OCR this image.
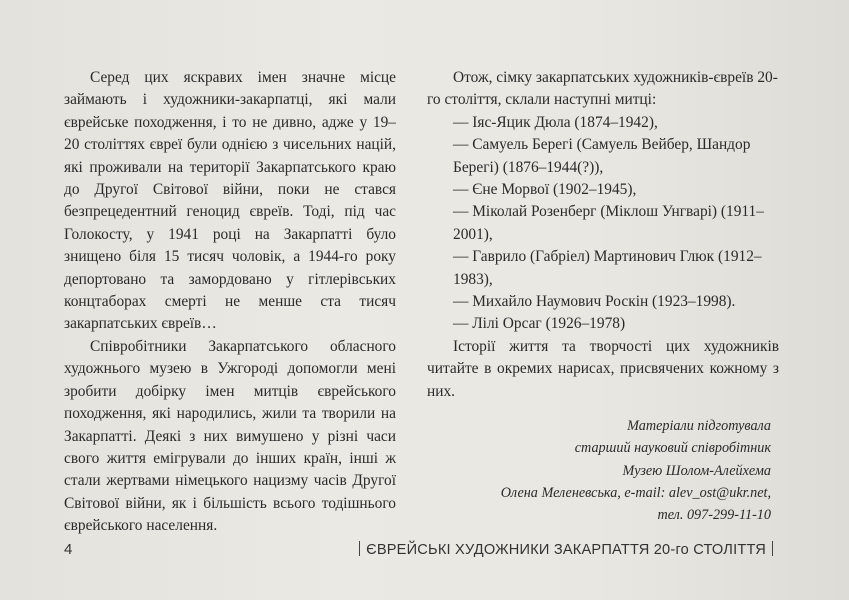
Серед цих яскравих імен значне місце займають і художники-закарпатці, які мали єврейське походження, і то не дивно, адже у 19–20 століттях євреї були однією з чисельних націй, які проживали на території Закарпатського краю до Другої Світової війни, поки не стався безпрецедентний геноцид євреїв. Тоді, під час Голокосту, у 1941 році на Закарпатті було знищено біля 15 тисяч чоловік, а 1944-го року депортовано та замордовано у гітлерівських концтаборах смерті не менше ста тисяч закарпатських євреїв…

Співробітники Закарпатського обласного художнього музею в Ужгороді допомогли мені зробити добірку імен митців єврейського походження, які народились, жили та творили на Закарпатті. Деякі з них вимушено у різні часи свого життя емігрували до інших країн, інші ж стали жертвами німецького нацизму часів Другої Світової війни, як і більшість всього тодішнього єврейського населення.

Отож, сімку закарпатських художників-євреїв 20-го століття, склали наступні митці:

— Іяс-Яцик Дюла (1874–1942),
— Самуель Берегі (Самуель Вейбер, Шандор Берегі) (1876–1944(?)),
— Єне Морвої (1902–1945),
— Міколай Розенберг (Міклош Унгварі) (1911–2001),
— Гаврило (Габріел) Мартинович Глюк (1912–1983),
— Михайло Наумович Роскін (1923–1998).
— Лілі Орсаг (1926–1978)

Історії життя та творчості цих художників читайте в окремих нарисах, присвячених кожному з них.

Матеріали підготувала
старший науковий співробітник
Музею Шолом-Алейхема
Олена Меленевська, e-mail: alev_ost@ukr.net,
тел. 097-299-11-10
4	ЄВРЕЙСЬКІ ХУДОЖНИКИ ЗАКАРПАТТЯ 20-го СТОЛІТТЯ
